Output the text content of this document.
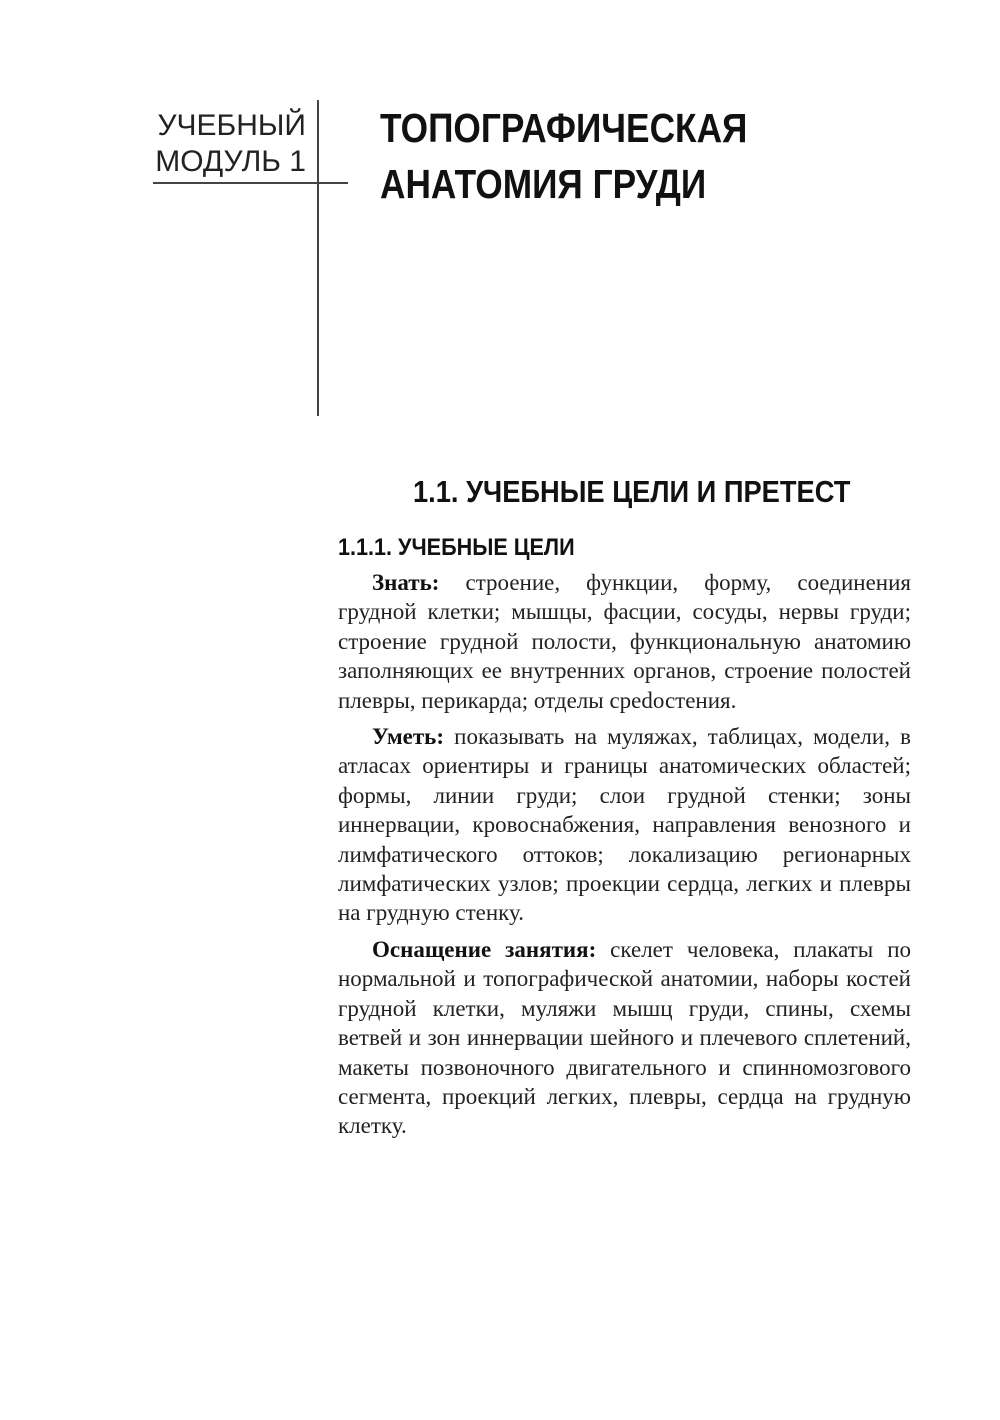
УЧЕБНЫЙ
МОДУЛЬ 1
ТОПОГРАФИЧЕСКАЯ
АНАТОМИЯ ГРУДИ
1.1. УЧЕБНЫЕ ЦЕЛИ И ПРЕТЕСТ
1.1.1. УЧЕБНЫЕ ЦЕЛИ

Знать: строение, функции, форму, соединения грудной клетки; мышцы, фасции, сосуды, нервы груди; строение грудной полости, функциональную анатомию заполняющих ее внутренних органов, строение полостей плевры, перикарда; отделы среdостения.

Уметь: показывать на муляжах, таблицах, модели, в атласах ориентиры и границы анатомических областей; формы, линии груди; слои грудной стенки; зоны иннервации, кровоснабжения, направления венозного и лимфатического оттоков; локализацию регионарных лимфатических узлов; проекции сердца, легких и плевры на грудную стенку.

Оснащение занятия: скелет человека, плакаты по нормальной и топографической анатомии, наборы костей грудной клетки, муляжи мышц груди, спины, схемы ветвей и зон иннервации шейного и плечевого сплетений, макеты позвоночного двигательного и спинномозгового сегмента, проекций легких, плевры, сердца на грудную клетку.
